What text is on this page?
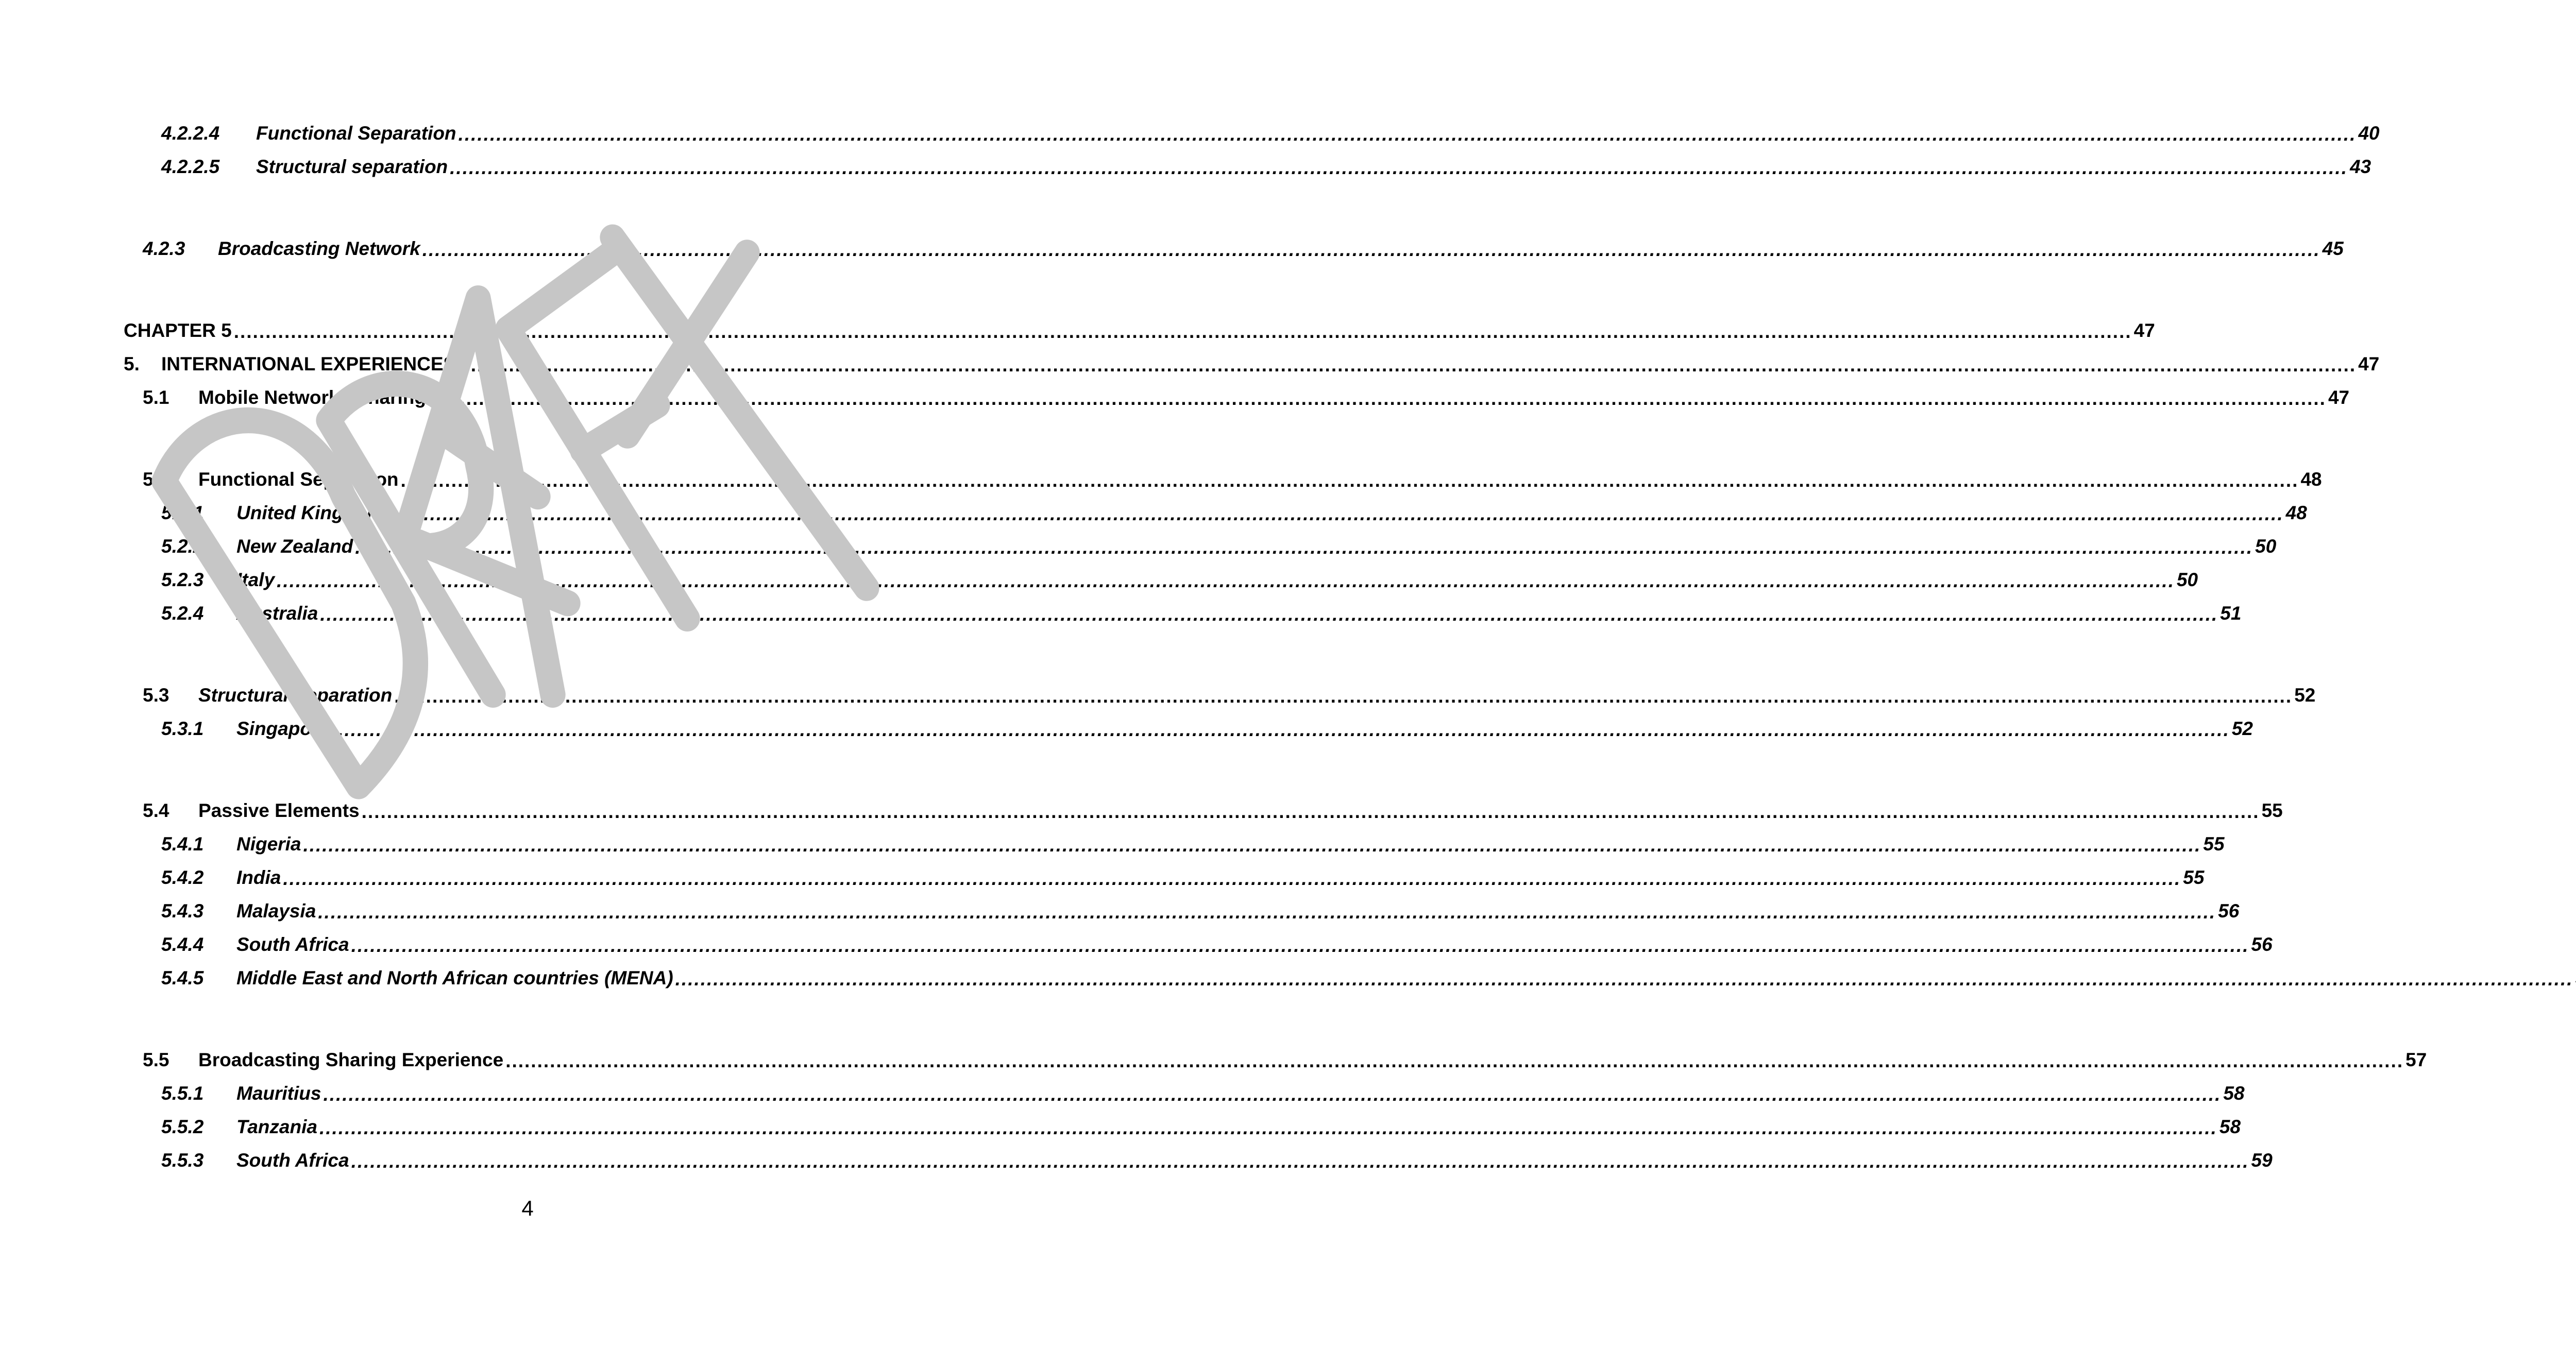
4.2.2.4	Functional Separation ............................................................................................................................................................................................................................................................................................................ 40
4.2.2.5	Structural separation ............................................................................................................................................................................................................................................................................................................ 43
4.2.3	Broadcasting Network ............................................................................................................................................................................................................................................................................................................ 45
CHAPTER 5 ............................................................................................................................................................................................................................................................................................................ 47
5.	INTERNATIONAL EXPERIENCES ............................................................................................................................................................................................................................................................................................................ 47
5.1	Mobile Networks Sharing ............................................................................................................................................................................................................................................................................................................ 47
5.2	Functional Separation ............................................................................................................................................................................................................................................................................................................ 48
5.2.1	United Kingdom ............................................................................................................................................................................................................................................................................................................ 48
5.2.2	New Zealand ............................................................................................................................................................................................................................................................................................................ 50
5.2.3	Italy ............................................................................................................................................................................................................................................................................................................ 50
5.2.4	Australia ............................................................................................................................................................................................................................................................................................................ 51
5.3	Structural Separation ............................................................................................................................................................................................................................................................................................................ 52
5.3.1	Singapore ............................................................................................................................................................................................................................................................................................................ 52
5.4	Passive Elements ............................................................................................................................................................................................................................................................................................................ 55
5.4.1	Nigeria ............................................................................................................................................................................................................................................................................................................ 55
5.4.2	India ............................................................................................................................................................................................................................................................................................................ 55
5.4.3	Malaysia ............................................................................................................................................................................................................................................................................................................ 56
5.4.4	South Africa ............................................................................................................................................................................................................................................................................................................ 56
5.4.5	Middle East and North African countries (MENA) ............................................................................................................................................................................................................................................................................................................
5.5	Broadcasting Sharing Experience ............................................................................................................................................................................................................................................................................................................ 57
5.5.1	Mauritius ............................................................................................................................................................................................................................................................................................................ 58
5.5.2	Tanzania ............................................................................................................................................................................................................................................................................................................ 58
5.5.3	South Africa ............................................................................................................................................................................................................................................................................................................ 59
4
